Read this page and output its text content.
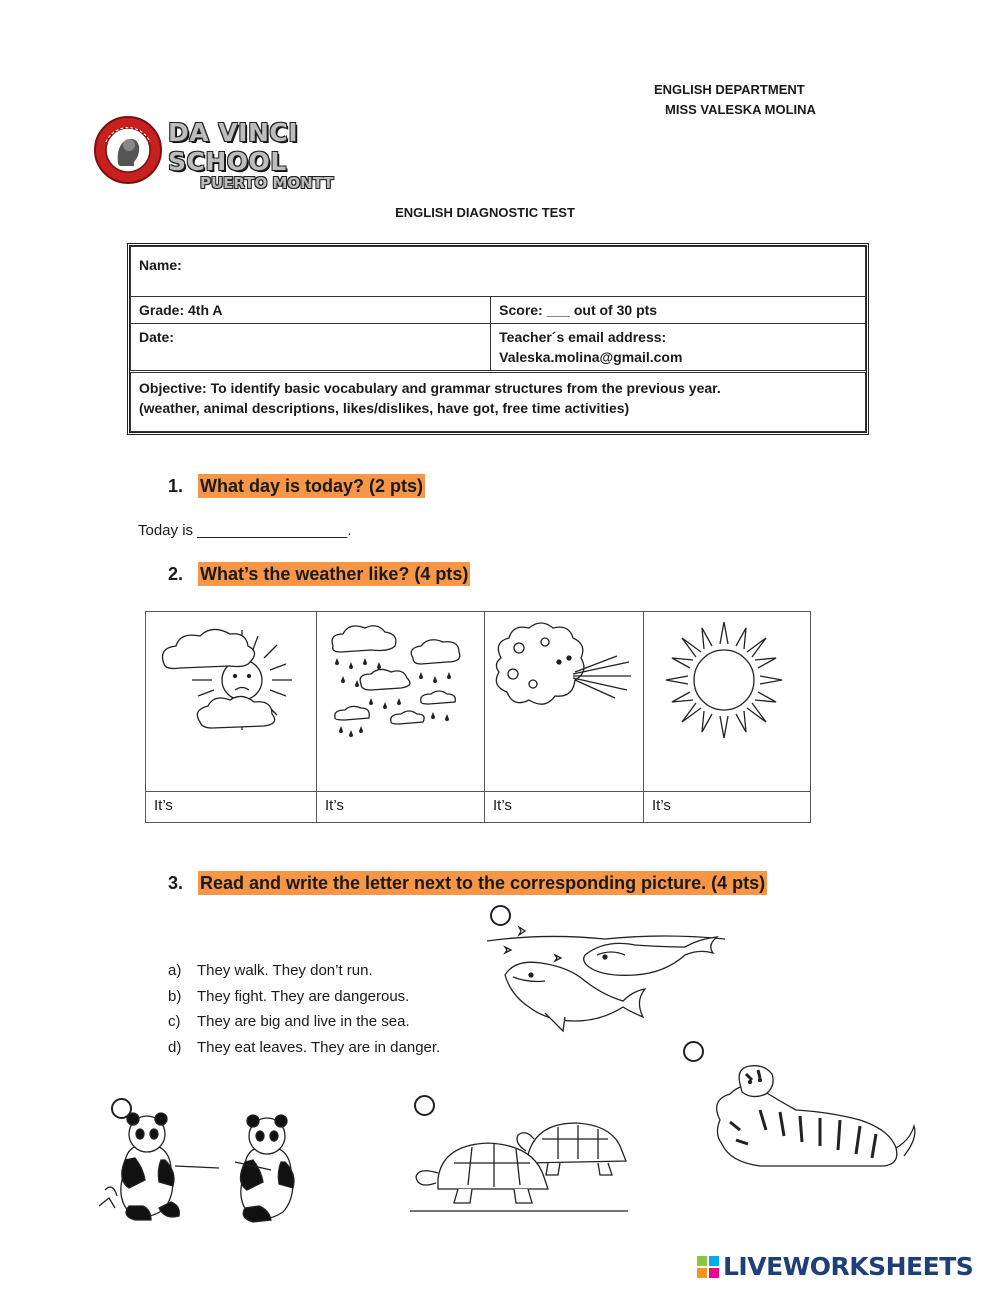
ENGLISH DEPARTMENT
MISS VALESKA MOLINA
DA VINCI SCHOOL
PUERTO MONTT
ENGLISH DIAGNOSTIC TEST
Name:	
Grade: 4th A	Score: ___ out of 30 pts
Date:	Teacher´s email address:
Valeska.molina@gmail.com

Objective: To identify basic vocabulary and grammar structures from the previous year.
(weather, animal descriptions, likes/dislikes, have got, free time activities)	
1. What day is today? (2 pts)
Today is __________________.
2. What’s the weather like? (4 pts)
It’s	It’s	It’s	It’s
3. Read and write the letter next to the corresponding picture. (4 pts)
a) They walk. They don’t run.
b) They fight. They are dangerous.
c) They are big and live in the sea.
d) They eat leaves. They are in danger.
LIVEWORKSHEETS
